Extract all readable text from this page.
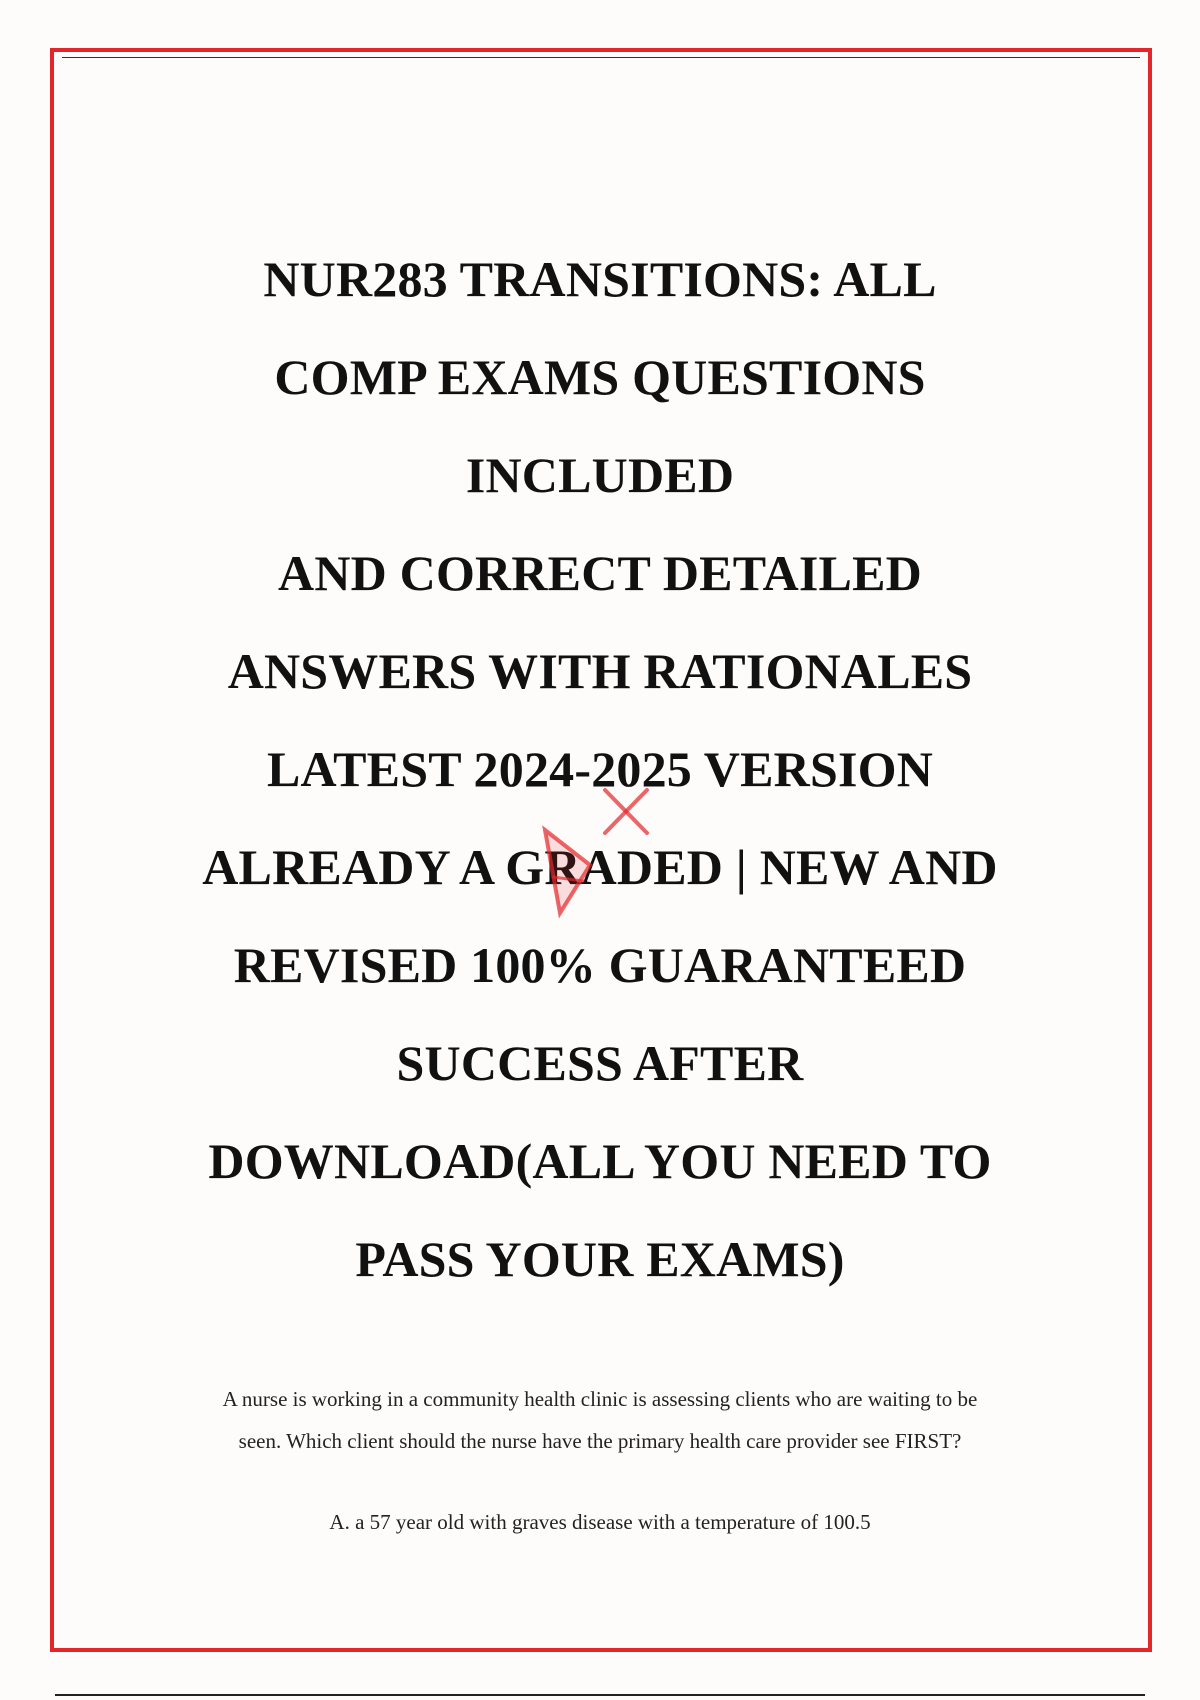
NUR283 TRANSITIONS: ALL
COMP EXAMS QUESTIONS
INCLUDED
AND CORRECT DETAILED
ANSWERS WITH RATIONALES
LATEST 2024-2025 VERSION
ALREADY A GRADED | NEW AND
REVISED 100% GUARANTEED
SUCCESS AFTER
DOWNLOAD(ALL YOU NEED TO
PASS YOUR EXAMS)
A nurse is working in a community health clinic is assessing clients who are waiting to be
seen. Which client should the nurse have the primary health care provider see FIRST?
A. a 57 year old with graves disease with a temperature of 100.5
